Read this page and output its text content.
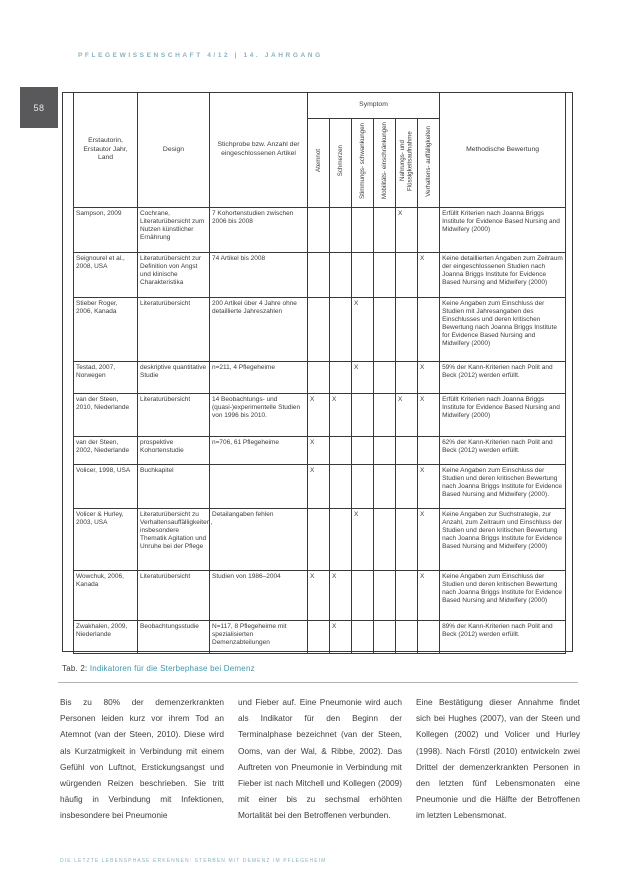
PFLEGEWISSENSCHAFT 4/12 | 14. JAHRGANG
58
Erstautorin, Erstautor Jahr, Land	Design	Stichprobe bzw. Anzahl der eingeschlossenen Artikel	Symptom						Methodische Bewertung
			Atemnot	Schmerzen	Stimmungs- schwankungen	Mobilitäts- einschränkungen	Nahrungs- und Flüssigkeitsaufnahme	Verhaltens- auffälligkeiten	
Sampson, 2009	Cochrane, Literaturübersicht zum Nutzen künstlicher Ernährung	7 Kohortenstudien zwischen 2006 bis 2008					X		Erfüllt Kriterien nach Joanna Briggs Institute for Evidence Based Nursing and Midwifery (2000)
Seignourel et al., 2008, USA	Literaturübersicht zur Definition von Angst und klinische Charakteristika	74 Artikel bis 2008						X	Keine detaillierten Angaben zum Zeitraum der eingeschlossenen Studien nach Joanna Briggs Institute for Evidence Based Nursing and Midwifery (2000)
Stieber Roger, 2006, Kanada	Literaturübersicht	200 Artikel über 4 Jahre ohne detaillierte Jahreszahlen			X				Keine Angaben zum Einschluss der Studien mit Jahresangaben des Einschlusses und deren kritischen Bewertung nach Joanna Briggs Institute for Evidence Based Nursing and Midwifery (2000)
Testad, 2007, Norwegen	deskriptive quantitative Studie	n=211, 4 Pflegeheime			X			X	59% der Kann-Kriterien nach Polit and Beck (2012) werden erfüllt.
van der Steen, 2010, Niederlande	Literaturübersicht	14 Beobachtungs- und (quasi-)experimentelle Studien von 1996 bis 2010.	X	X			X	X	Erfüllt Kriterien nach Joanna Briggs Institute for Evidence Based Nursing and Midwifery (2000)
van der Steen, 2002, Niederlande	prospektive Kohortenstudie	n=706, 61 Pflegeheime	X						62% der Kann-Kriterien nach Polit and Beck (2012) werden erfüllt.
Volicer, 1998, USA	Buchkapitel		X					X	Keine Angaben zum Einschluss der Studien und deren kritischen Bewertung nach Joanna Briggs Institute for Evidence Based Nursing and Midwifery (2000).
Volicer & Hurley, 2003, USA	Literaturübersicht zu Verhaltensauffälligkeiten, insbesondere Thematik Agitation und Unruhe bei der Pflege	Detailangaben fehlen			X			X	Keine Angaben zur Suchstrategie, zur Anzahl, zum Zeitraum und Einschluss der Studien und deren kritischen Bewertung nach Joanna Briggs Institute for Evidence Based Nursing and Midwifery (2000)
Wowchuk, 2006, Kanada	Literaturübersicht	Studien von 1986–2004	X	X				X	Keine Angaben zum Einschluss der Studien und deren kritischen Bewertung nach Joanna Briggs Institute for Evidence Based Nursing and Midwifery (2000)
Zwakhalen, 2009, Niederlande	Beobachtungsstudie	N=117, 8 Pflegeheime mit spezialisierten Demenzabteilungen		X					89% der Kann-Kriterien nach Polit and Beck (2012) werden erfüllt.
Tab. 2: Indikatoren für die Sterbephase bei Demenz
Bis zu 80% der demenzerkrankten Personen leiden kurz vor ihrem Tod an Atemnot (van der Steen, 2010). Diese wird als Kurzatmigkeit in Verbindung mit einem Gefühl von Luftnot, Erstickungsangst und würgenden Reizen beschrieben. Sie tritt häufig in Verbindung mit Infektionen, insbesondere bei Pneumonie
und Fieber auf. Eine Pneumonie wird auch als Indikator für den Beginn der Terminalphase bezeichnet (van der Steen, Ooms, van der Wal, & Ribbe, 2002). Das Auftreten von Pneumonie in Verbindung mit Fieber ist nach Mitchell und Kollegen (2009) mit einer bis zu sechsmal erhöhten Mortalität bei den Betroffenen verbunden.
Eine Bestätigung dieser Annahme findet sich bei Hughes (2007), van der Steen und Kollegen (2002) und Volicer und Hurley (1998). Nach Förstl (2010) entwickeln zwei Drittel der demenzerkrankten Personen in den letzten fünf Lebensmonaten eine Pneumonie und die Hälfte der Betroffenen im letzten Lebensmonat.
DIE LETZTE LEBENSPHASE ERKENNEN: STERBEN MIT DEMENZ IM PFLEGEHEIM
